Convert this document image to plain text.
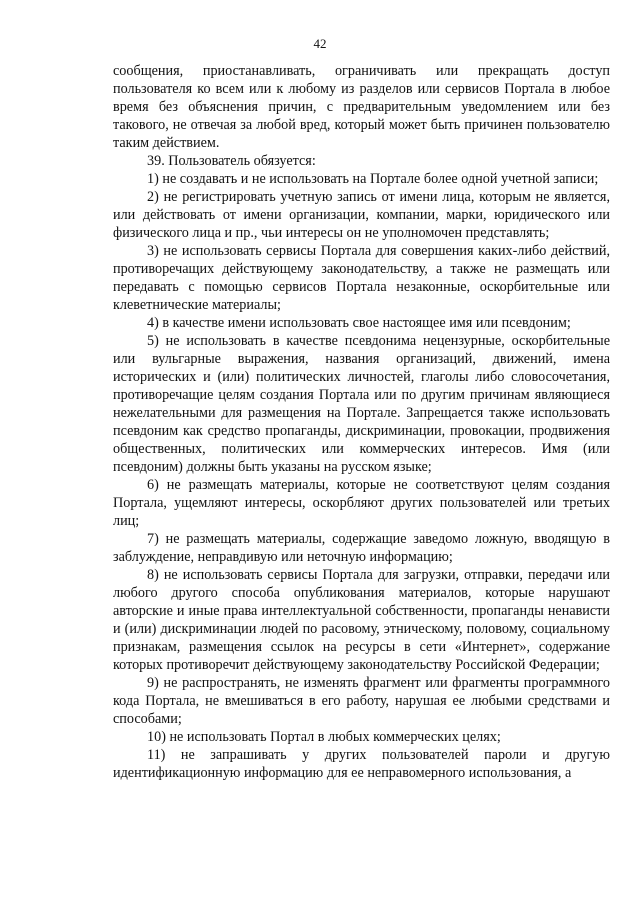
42

сообщения, приостанавливать, ограничивать или прекращать доступ пользователя ко всем или к любому из разделов или сервисов Портала в любое время без объяснения причин, с предварительным уведомлением или без такового, не отвечая за любой вред, который может быть причинен пользователю таким действием.

39. Пользователь обязуется:

1) не создавать и не использовать на Портале более одной учетной записи;

2) не регистрировать учетную запись от имени лица, которым не является, или действовать от имени организации, компании, марки, юридического или физического лица и пр., чьи интересы он не уполномочен представлять;

3) не использовать сервисы Портала для совершения каких-либо действий, противоречащих действующему законодательству, а также не размещать или передавать с помощью сервисов Портала незаконные, оскорбительные или клеветнические материалы;

4) в качестве имени использовать свое настоящее имя или псевдоним;

5) не использовать в качестве псевдонима нецензурные, оскорбительные или вульгарные выражения, названия организаций, движений, имена исторических и (или) политических личностей, глаголы либо словосочетания, противоречащие целям создания Портала или по другим причинам являющиеся нежелательными для размещения на Портале. Запрещается также использовать псевдоним как средство пропаганды, дискриминации, провокации, продвижения общественных, политических или коммерческих интересов. Имя (или псевдоним) должны быть указаны на русском языке;

6) не размещать материалы, которые не соответствуют целям создания Портала, ущемляют интересы, оскорбляют других пользователей или третьих лиц;

7) не размещать материалы, содержащие заведомо ложную, вводящую в заблуждение, неправдивую или неточную информацию;

8) не использовать сервисы Портала для загрузки, отправки, передачи или любого другого способа опубликования материалов, которые нарушают авторские и иные права интеллектуальной собственности, пропаганды ненависти и (или) дискриминации людей по расовому, этническому, половому, социальному признакам, размещения ссылок на ресурсы в сети «Интернет», содержание которых противоречит действующему законодательству Российской Федерации;

9) не распространять, не изменять фрагмент или фрагменты программного кода Портала, не вмешиваться в его работу, нарушая ее любыми средствами и способами;

10) не использовать Портал в любых коммерческих целях;

11) не запрашивать у других пользователей пароли и другую идентификационную информацию для ее неправомерного использования, а
